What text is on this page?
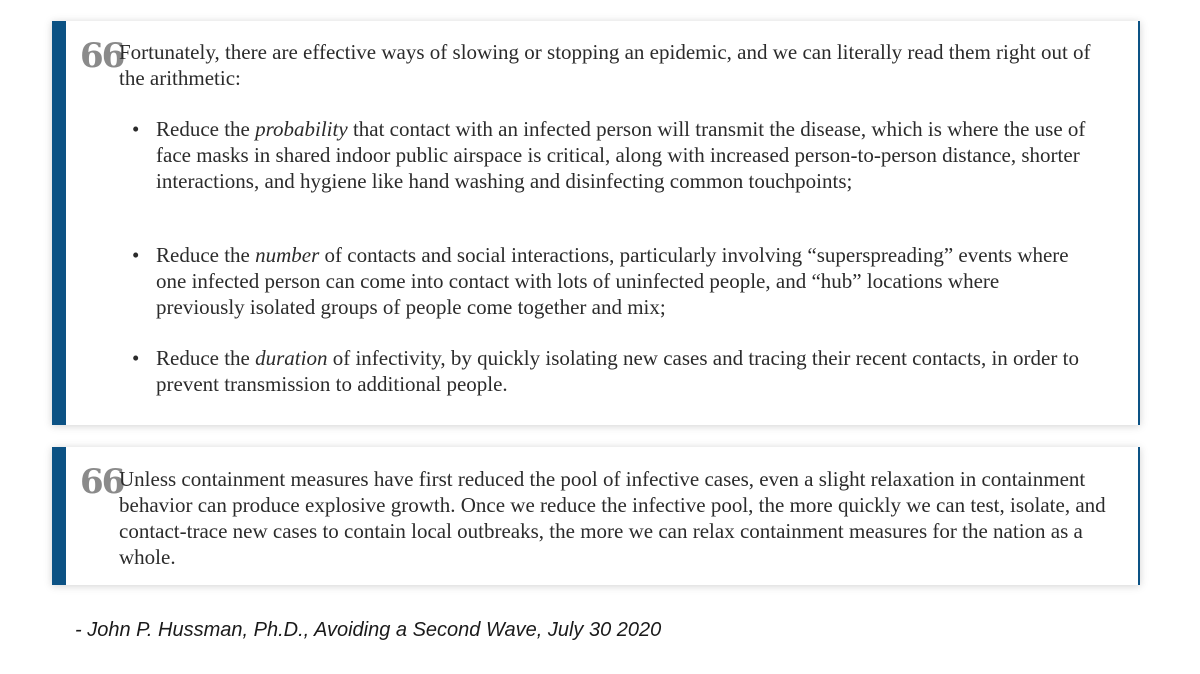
66

Fortunately, there are effective ways of slowing or stopping an epidemic, and we can literally read them right out of the arithmetic:

• Reduce the probability that contact with an infected person will transmit the disease, which is where the use of face masks in shared indoor public airspace is critical, along with increased person-to-person distance, shorter interactions, and hygiene like hand washing and disinfecting common touchpoints;
• Reduce the number of contacts and social interactions, particularly involving “superspreading” events where one infected person can come into contact with lots of uninfected people, and “hub” locations where previously isolated groups of people come together and mix;
• Reduce the duration of infectivity, by quickly isolating new cases and tracing their recent contacts, in order to prevent transmission to additional people.
66

Unless containment measures have first reduced the pool of infective cases, even a slight relaxation in containment behavior can produce explosive growth. Once we reduce the infective pool, the more quickly we can test, isolate, and contact-trace new cases to contain local outbreaks, the more we can relax containment measures for the nation as a whole.

- John P. Hussman, Ph.D., Avoiding a Second Wave, July 30 2020
